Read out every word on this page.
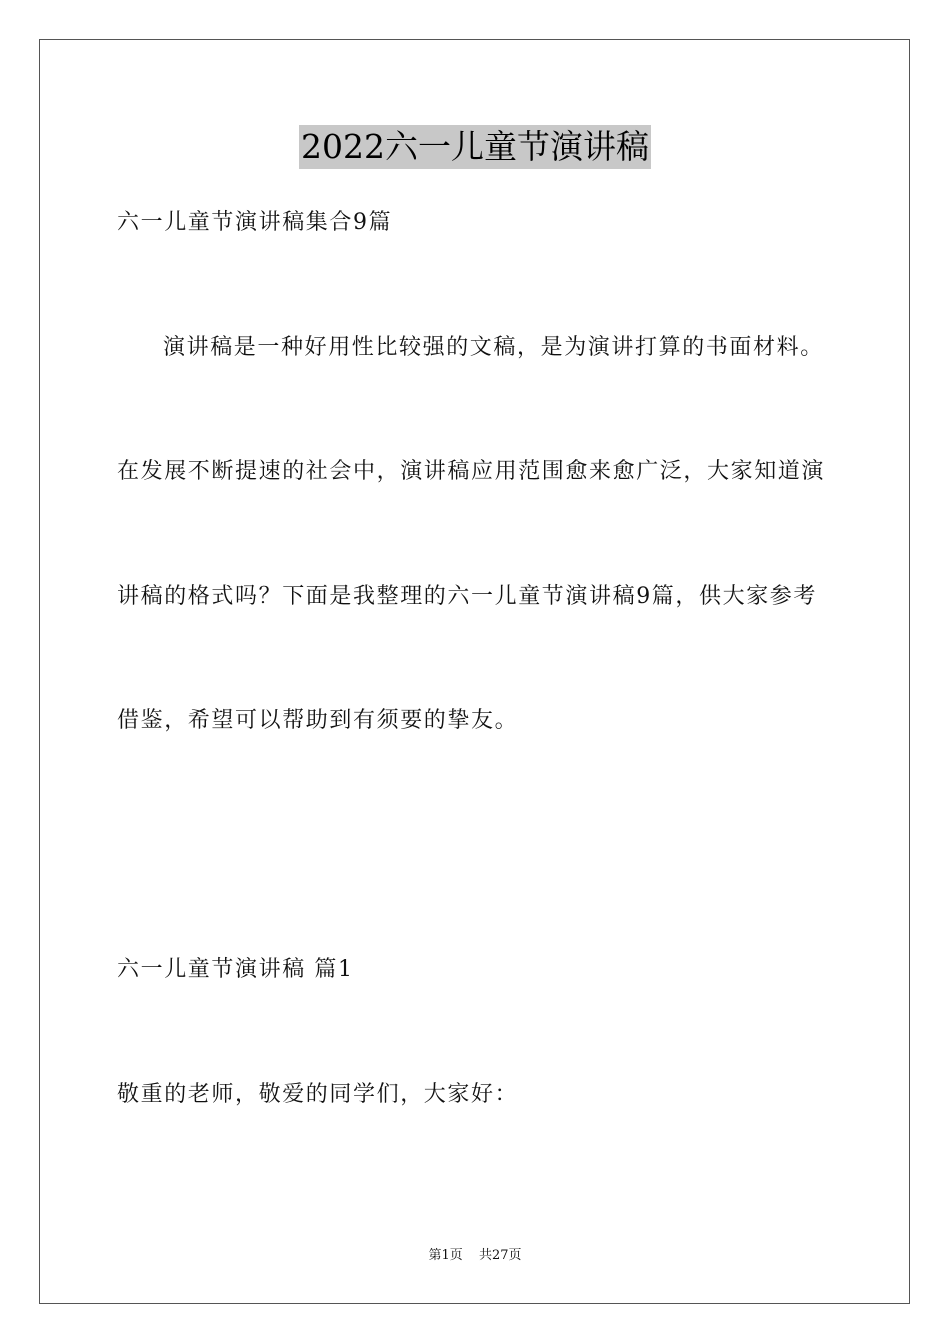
2022六一儿童节演讲稿
六一儿童节演讲稿集合9篇
演讲稿是一种好用性比较强的文稿，是为演讲打算的书面材料。
在发展不断提速的社会中，演讲稿应用范围愈来愈广泛，大家知道演
讲稿的格式吗？下面是我整理的六一儿童节演讲稿9篇，供大家参考
借鉴，希望可以帮助到有须要的挚友。
六一儿童节演讲稿 篇1
敬重的老师，敬爱的同学们，大家好：
第1页 共27页
